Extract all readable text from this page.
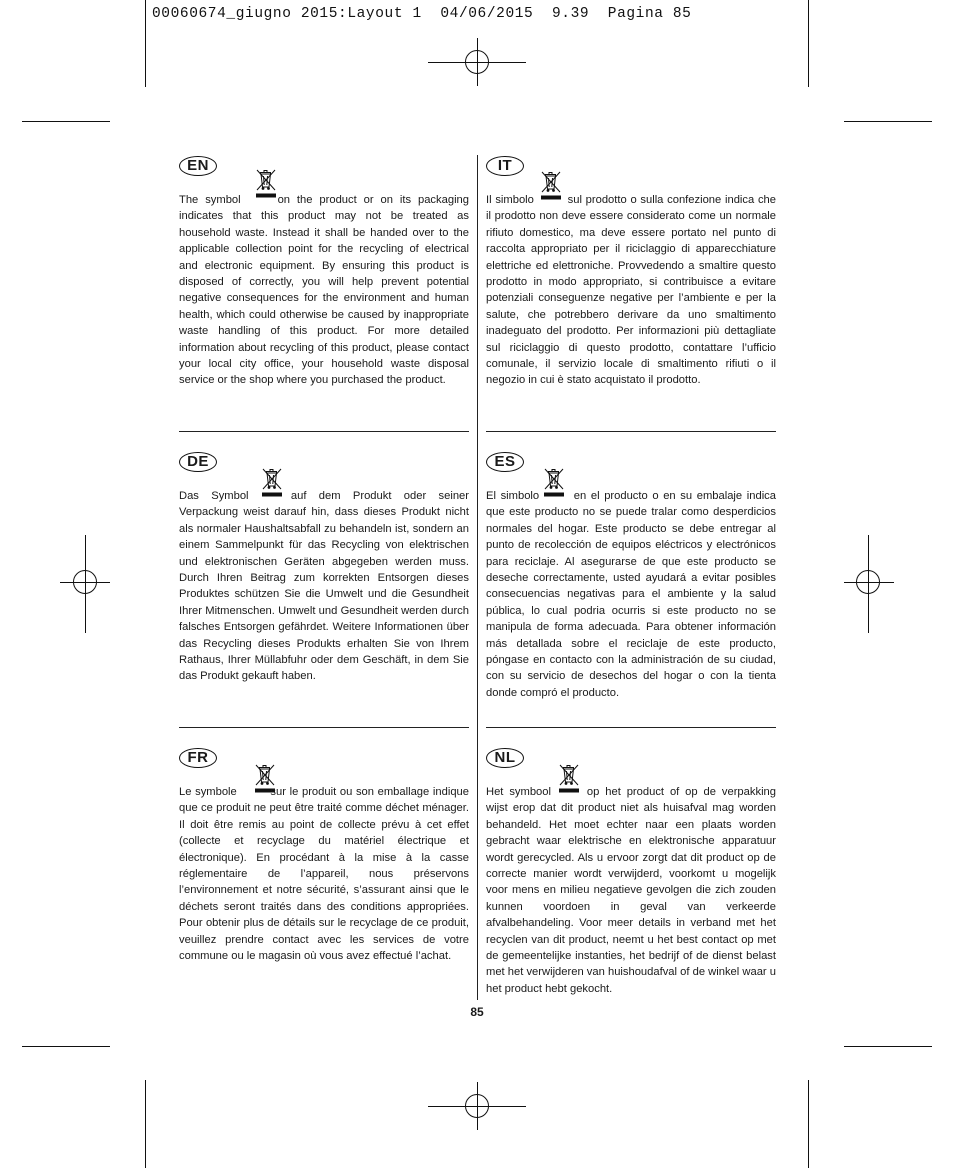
00060674_giugno 2015:Layout 1  04/06/2015  9.39  Pagina 85
EN
The symbol	on the product or on its packaging indicates that this product may not be treated as household waste. Instead it shall be handed over to the applicable collection point for the recycling of electrical and electronic equipment. By ensuring this product is disposed of correctly, you will help prevent potential negative consequences for the environment and human health, which could otherwise be caused by inappropriate waste handling of this product. For more detailed information about recycling of this product, please contact your local city office, your household waste disposal service or the shop where you purchased the product.
IT
Il simbolo	sul prodotto o sulla confezione indica che il prodotto non deve essere considerato come un normale rifiuto domestico, ma deve essere portato nel punto di raccolta appropriato per il riciclaggio di apparecchiature elettriche ed elettroniche. Provvedendo a smaltire questo prodotto in modo appropriato, si contribuisce a evitare potenziali conseguenze negative per l’ambiente e per la salute, che potrebbero derivare da uno smaltimento inadeguato del prodotto. Per informazioni più dettagliate sul riciclaggio di questo prodotto, contattare l’ufficio comunale, il servizio locale di smaltimento rifiuti o il negozio in cui è stato acquistato il prodotto.
DE
Das Symbol	auf dem Produkt oder seiner Verpackung weist darauf hin, dass dieses Produkt nicht als normaler Haushaltsabfall zu behandeln ist, sondern an einem Sammelpunkt für das Recycling von elektrischen und elektronischen Geräten abgegeben werden muss. Durch Ihren Beitrag zum korrekten Entsorgen dieses Produktes schützen Sie die Umwelt und die Gesundheit Ihrer Mitmenschen. Umwelt und Gesundheit werden durch falsches Entsorgen gefährdet. Weitere Informationen über das Recycling dieses Produkts erhalten Sie von Ihrem Rathaus, Ihrer Müllabfuhr oder dem Geschäft, in dem Sie das Produkt gekauft haben.
ES
El simbolo	en el producto o en su embalaje indica que este producto no se puede tralar como desperdicios normales del hogar. Este producto se debe entregar al punto de recolección de equipos eléctricos y electrónicos para reciclaje. Al asegurarse de que este producto se deseche correctamente, usted ayudará a evitar posibles consecuencias negativas para el ambiente y la salud pública, lo cual podria ocurris si este producto no se manipula de forma adecuada. Para obtener información más detallada sobre el reciclaje de este producto, póngase en contacto con la administración de su ciudad, con su servicio de desechos del hogar o con la tienta donde compró el producto.
FR
Le symbole	sur le produit ou son emballage indique que ce produit ne peut être traité comme déchet ménager. Il doit être remis au point de collecte prévu à cet effet (collecte et recyclage du matériel électrique et électronique). En procédant à la mise à la casse réglementaire de l’appareil, nous préservons l’environnement et notre sécurité, s’assurant ainsi que le déchets seront traités dans des conditions appropriées. Pour obtenir plus de détails sur le recyclage de ce produit, veuillez prendre contact avec les services de votre commune ou le magasin où vous avez effectué l’achat.
NL
Het symbool	op het product of op de verpakking wijst erop dat dit product niet als huisafval mag worden behandeld. Het moet echter naar een plaats worden gebracht waar elektrische en elektronische apparatuur wordt gerecycled. Als u ervoor zorgt dat dit product op de correcte manier wordt verwijderd, voorkomt u mogelijk voor mens en milieu negatieve gevolgen die zich zouden kunnen voordoen in geval van verkeerde afvalbehandeling. Voor meer details in verband met het recyclen van dit product, neemt u het best contact op met de gemeentelijke instanties, het bedrijf of de dienst belast met het verwijderen van huishoudafval of de winkel waar u het product hebt gekocht.
85
